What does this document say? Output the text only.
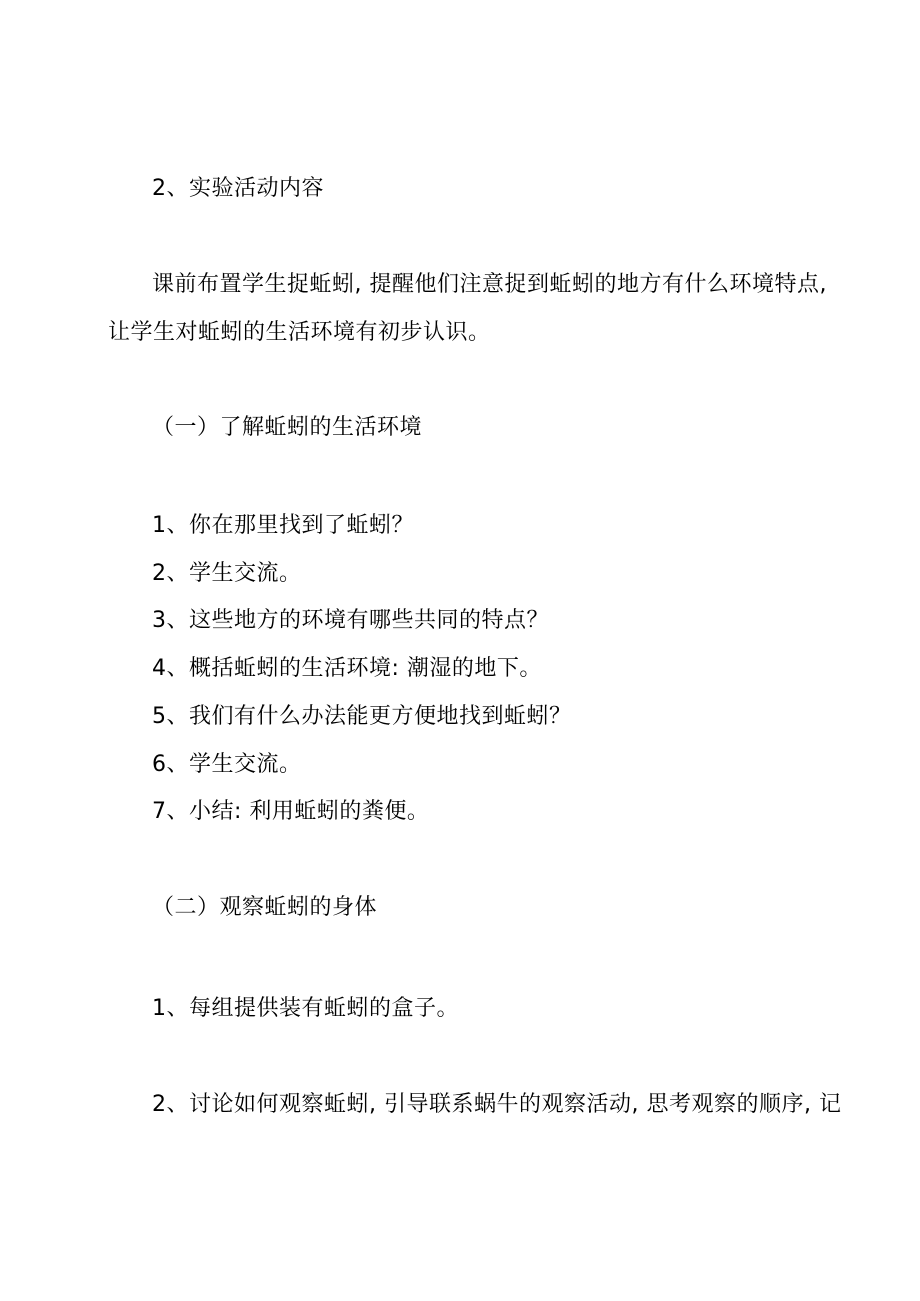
2、实验活动内容
课前布置学生捉蚯蚓, 提醒他们注意捉到蚯蚓的地方有什么环境特点,
让学生对蚯蚓的生活环境有初步认识。
（一）了解蚯蚓的生活环境
1、你在那里找到了蚯蚓？
2、学生交流。
3、这些地方的环境有哪些共同的特点？
4、概括蚯蚓的生活环境: 潮湿的地下。
5、我们有什么办法能更方便地找到蚯蚓？
6、学生交流。
7、小结: 利用蚯蚓的粪便。
（二）观察蚯蚓的身体
1、每组提供装有蚯蚓的盒子。
2、讨论如何观察蚯蚓, 引导联系蜗牛的观察活动, 思考观察的顺序, 记
